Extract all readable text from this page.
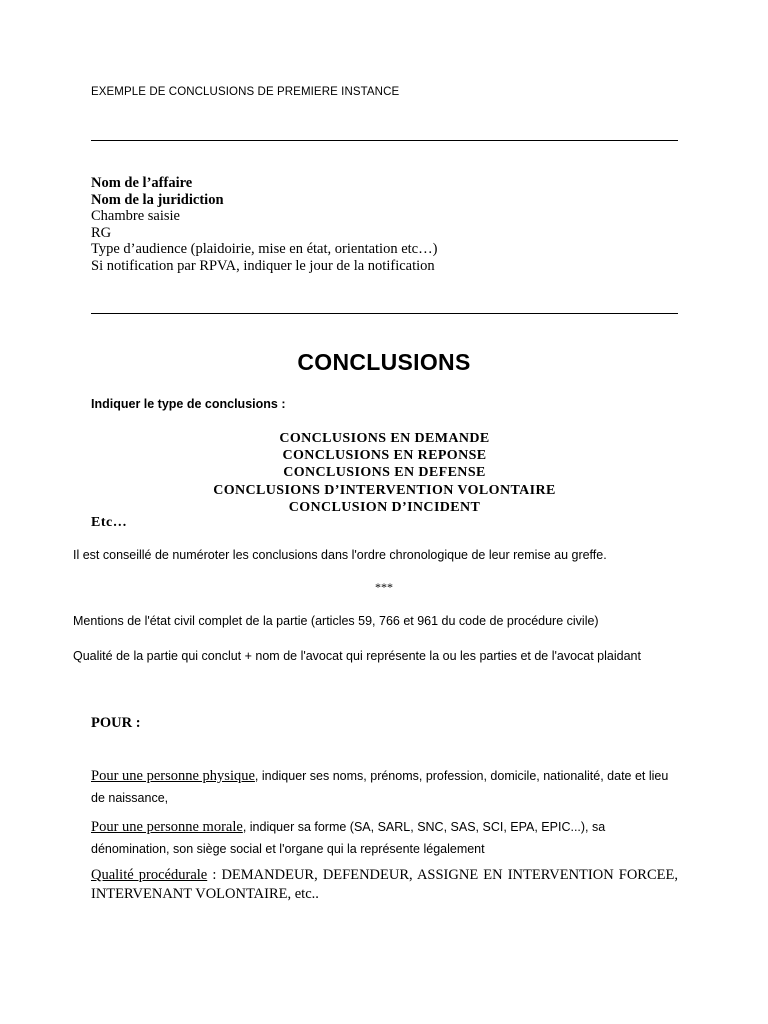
EXEMPLE DE CONCLUSIONS DE PREMIERE INSTANCE
Nom de l’affaire
Nom de la juridiction
Chambre saisie
RG
Type d’audience (plaidoirie, mise en état, orientation etc…)
Si notification par RPVA, indiquer le jour de la notification
CONCLUSIONS
Indiquer le type de conclusions :
CONCLUSIONS EN DEMANDE
CONCLUSIONS EN REPONSE
CONCLUSIONS EN DEFENSE
CONCLUSIONS D’INTERVENTION VOLONTAIRE
CONCLUSION D’INCIDENT
Etc…
Il est conseillé de numéroter les conclusions dans l'ordre chronologique de leur remise au greffe.
***
Mentions de l'état civil complet de la partie (articles 59, 766 et 961 du code de procédure civile)
Qualité de la partie qui conclut + nom de l'avocat qui représente la ou les parties et de l'avocat plaidant
POUR :
Pour une personne physique, indiquer ses noms, prénoms, profession, domicile, nationalité, date et lieu de naissance,
Pour une personne morale, indiquer sa forme (SA, SARL, SNC, SAS, SCI, EPA, EPIC...), sa dénomination, son siège social et l'organe qui la représente légalement
Qualité procédurale : DEMANDEUR, DEFENDEUR, ASSIGNE EN INTERVENTION FORCEE, INTERVENANT VOLONTAIRE, etc..
